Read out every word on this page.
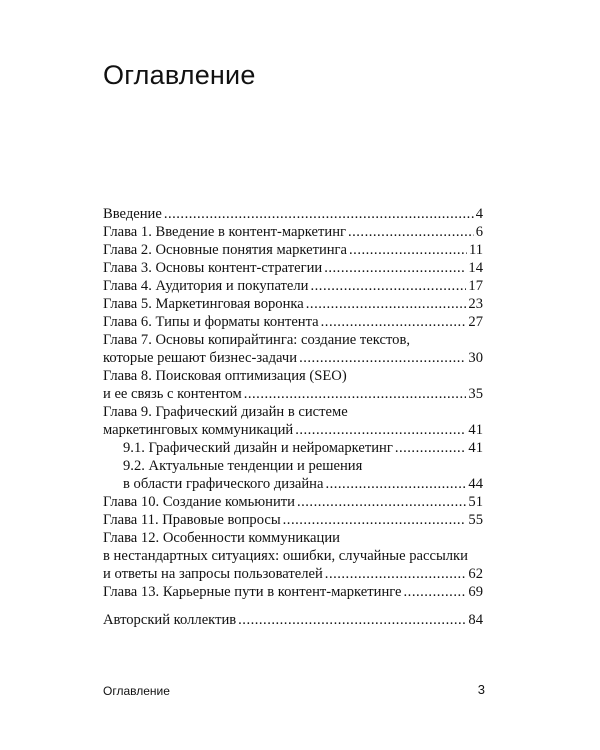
Оглавление
Введение .....	4
Глава 1. Введение в контент-маркетинг .....	6
Глава 2. Основные понятия маркетинга .....	11
Глава 3. Основы контент-стратегии .....	14
Глава 4. Аудитория и покупатели .....	17
Глава 5. Маркетинговая воронка .....	23
Глава 6. Типы и форматы контента .....	27
Глава 7. Основы копирайтинга: создание текстов,
которые решают бизнес-задачи .....	30
Глава 8. Поисковая оптимизация (SEO)
и ее связь с контентом .....	35
Глава 9. Графический дизайн в системе
маркетинговых коммуникаций .....	41
9.1. Графический дизайн и нейромаркетинг .....	41
9.2. Актуальные тенденции и решения
в области графического дизайна .....	44
Глава 10. Создание комьюнити .....	51
Глава 11. Правовые вопросы .....	55
Глава 12. Особенности коммуникации
в нестандартных ситуациях: ошибки, случайные рассылки
и ответы на запросы пользователей .....	62
Глава 13. Карьерные пути в контент-маркетинге .....	69
Авторский коллектив .....	84
Оглавление	3
